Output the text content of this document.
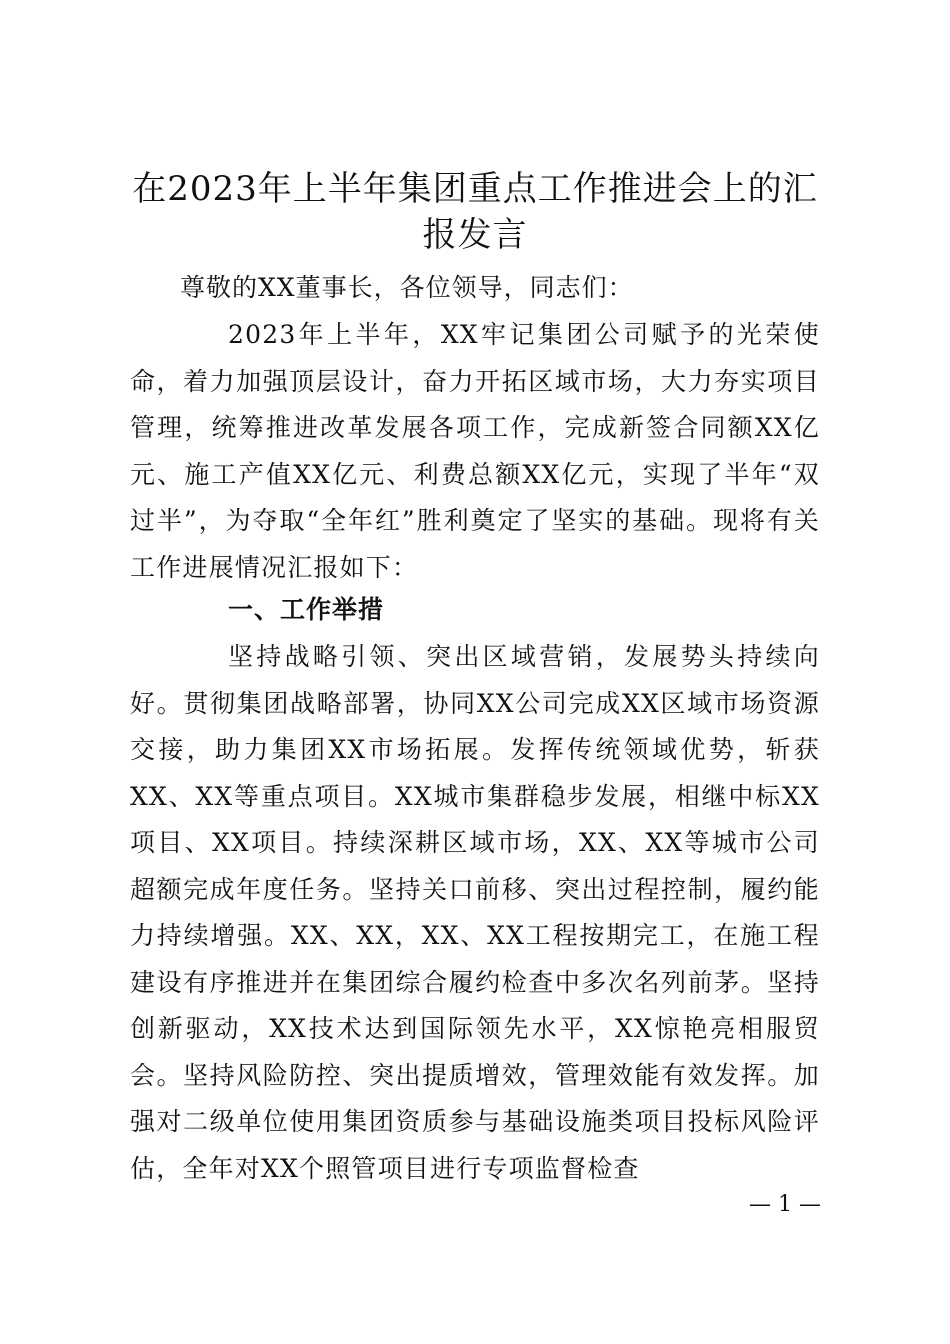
在2023年上半年集团重点工作推进会上的汇报发言

尊敬的XX董事长，各位领导，同志们：

2023年上半年，XX牢记集团公司赋予的光荣使命，着力加强顶层设计，奋力开拓区域市场，大力夯实项目管理，统筹推进改革发展各项工作，完成新签合同额XX亿元、施工产值XX亿元、利费总额XX亿元，实现了半年“双过半”，为夺取“全年红”胜利奠定了坚实的基础。现将有关工作进展情况汇报如下：

一、工作举措

坚持战略引领、突出区域营销，发展势头持续向好。贯彻集团战略部署，协同XX公司完成XX区域市场资源交接，助力集团XX市场拓展。发挥传统领域优势，斩获XX、XX等重点项目。XX城市集群稳步发展，相继中标XX项目、XX项目。持续深耕区域市场，XX、XX等城市公司超额完成年度任务。坚持关口前移、突出过程控制，履约能力持续增强。XX、XX，XX、XX工程按期完工，在施工程建设有序推进并在集团综合履约检查中多次名列前茅。坚持创新驱动，XX技术达到国际领先水平，XX惊艳亮相服贸会。坚持风险防控、突出提质增效，管理效能有效发挥。加强对二级单位使用集团资质参与基础设施类项目投标风险评估，全年对XX个照管项目进行专项监督检查

— 1 —
